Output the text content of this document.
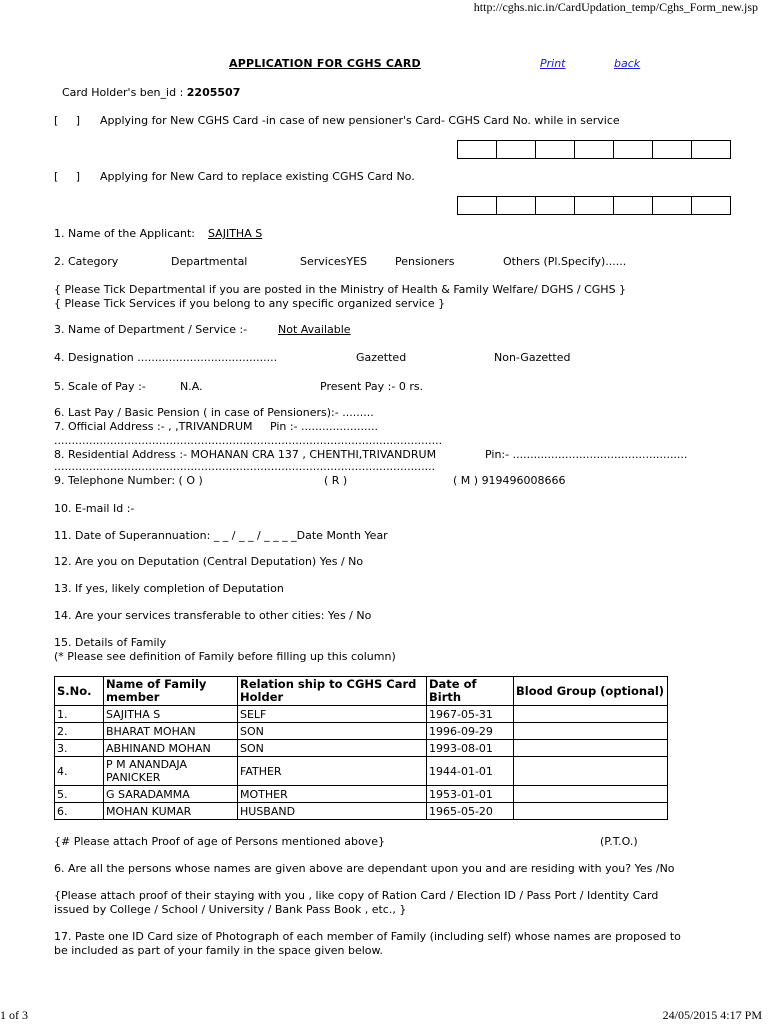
http://cghs.nic.in/CardUpdation_temp/Cghs_Form_new.jsp
1 of 3	24/05/2015 4:17 PM
APPLICATION FOR CGHS CARD	Print	back
Card Holder's ben_id : 2205507
[     ] Applying for New CGHS Card -in case of new pensioner's Card- CGHS Card No. while in service
[     ] Applying for New Card to replace existing CGHS Card No.
1. Name of the Applicant: SAJITHA S
2. Category	Departmental	ServicesYES	Pensioners	Others (Pl.Specify)......
{ Please Tick Departmental if you are posted in the Ministry of Health & Family Welfare/ DGHS / CGHS }
{ Please Tick Services if you belong to any specific organized service }
3. Name of Department / Service :-	Not Available
4. Designation ........................................	Gazetted	Non-Gazetted
5. Scale of Pay :-	N.A.	Present Pay :- 0 rs.
6. Last Pay / Basic Pension ( in case of Pensioners):- .........
7. Official Address :- , ,TRIVANDRUM     Pin :- ......................
...............................................................................................................
8. Residential Address :- MOHANAN CRA 137 , CHENTHI,TRIVANDRUM	Pin:- ..................................................
.............................................................................................................
9. Telephone Number: ( O )	( R )	( M ) 919496008666
10. E-mail Id :-
11. Date of Superannuation: _ _ / _ _ / _ _ _ _Date Month Year
12. Are you on Deputation (Central Deputation) Yes / No
13. If yes, likely completion of Deputation
14. Are your services transferable to other cities: Yes / No
15. Details of Family
(* Please see definition of Family before filling up this column)
S.No.	Name of Family member	Relation ship to CGHS Card Holder	Date of Birth	Blood Group (optional)
1.	SAJITHA S	SELF	1967-05-31	
2.	BHARAT MOHAN	SON	1996-09-29	
3.	ABHINAND MOHAN	SON	1993-08-01	
4.	P M ANANDAJA PANICKER	FATHER	1944-01-01	
5.	G SARADAMMA	MOTHER	1953-01-01	
6.	MOHAN KUMAR	HUSBAND	1965-05-20	
{# Please attach Proof of age of Persons mentioned above}	(P.T.O.)
6. Are all the persons whose names are given above are dependant upon you and are residing with you? Yes /No
{Please attach proof of their staying with you , like copy of Ration Card / Election ID / Pass Port / Identity Card
issued by College / School / University / Bank Pass Book , etc., }
17. Paste one ID Card size of Photograph of each member of Family (including self) whose names are proposed to
be included as part of your family in the space given below.
